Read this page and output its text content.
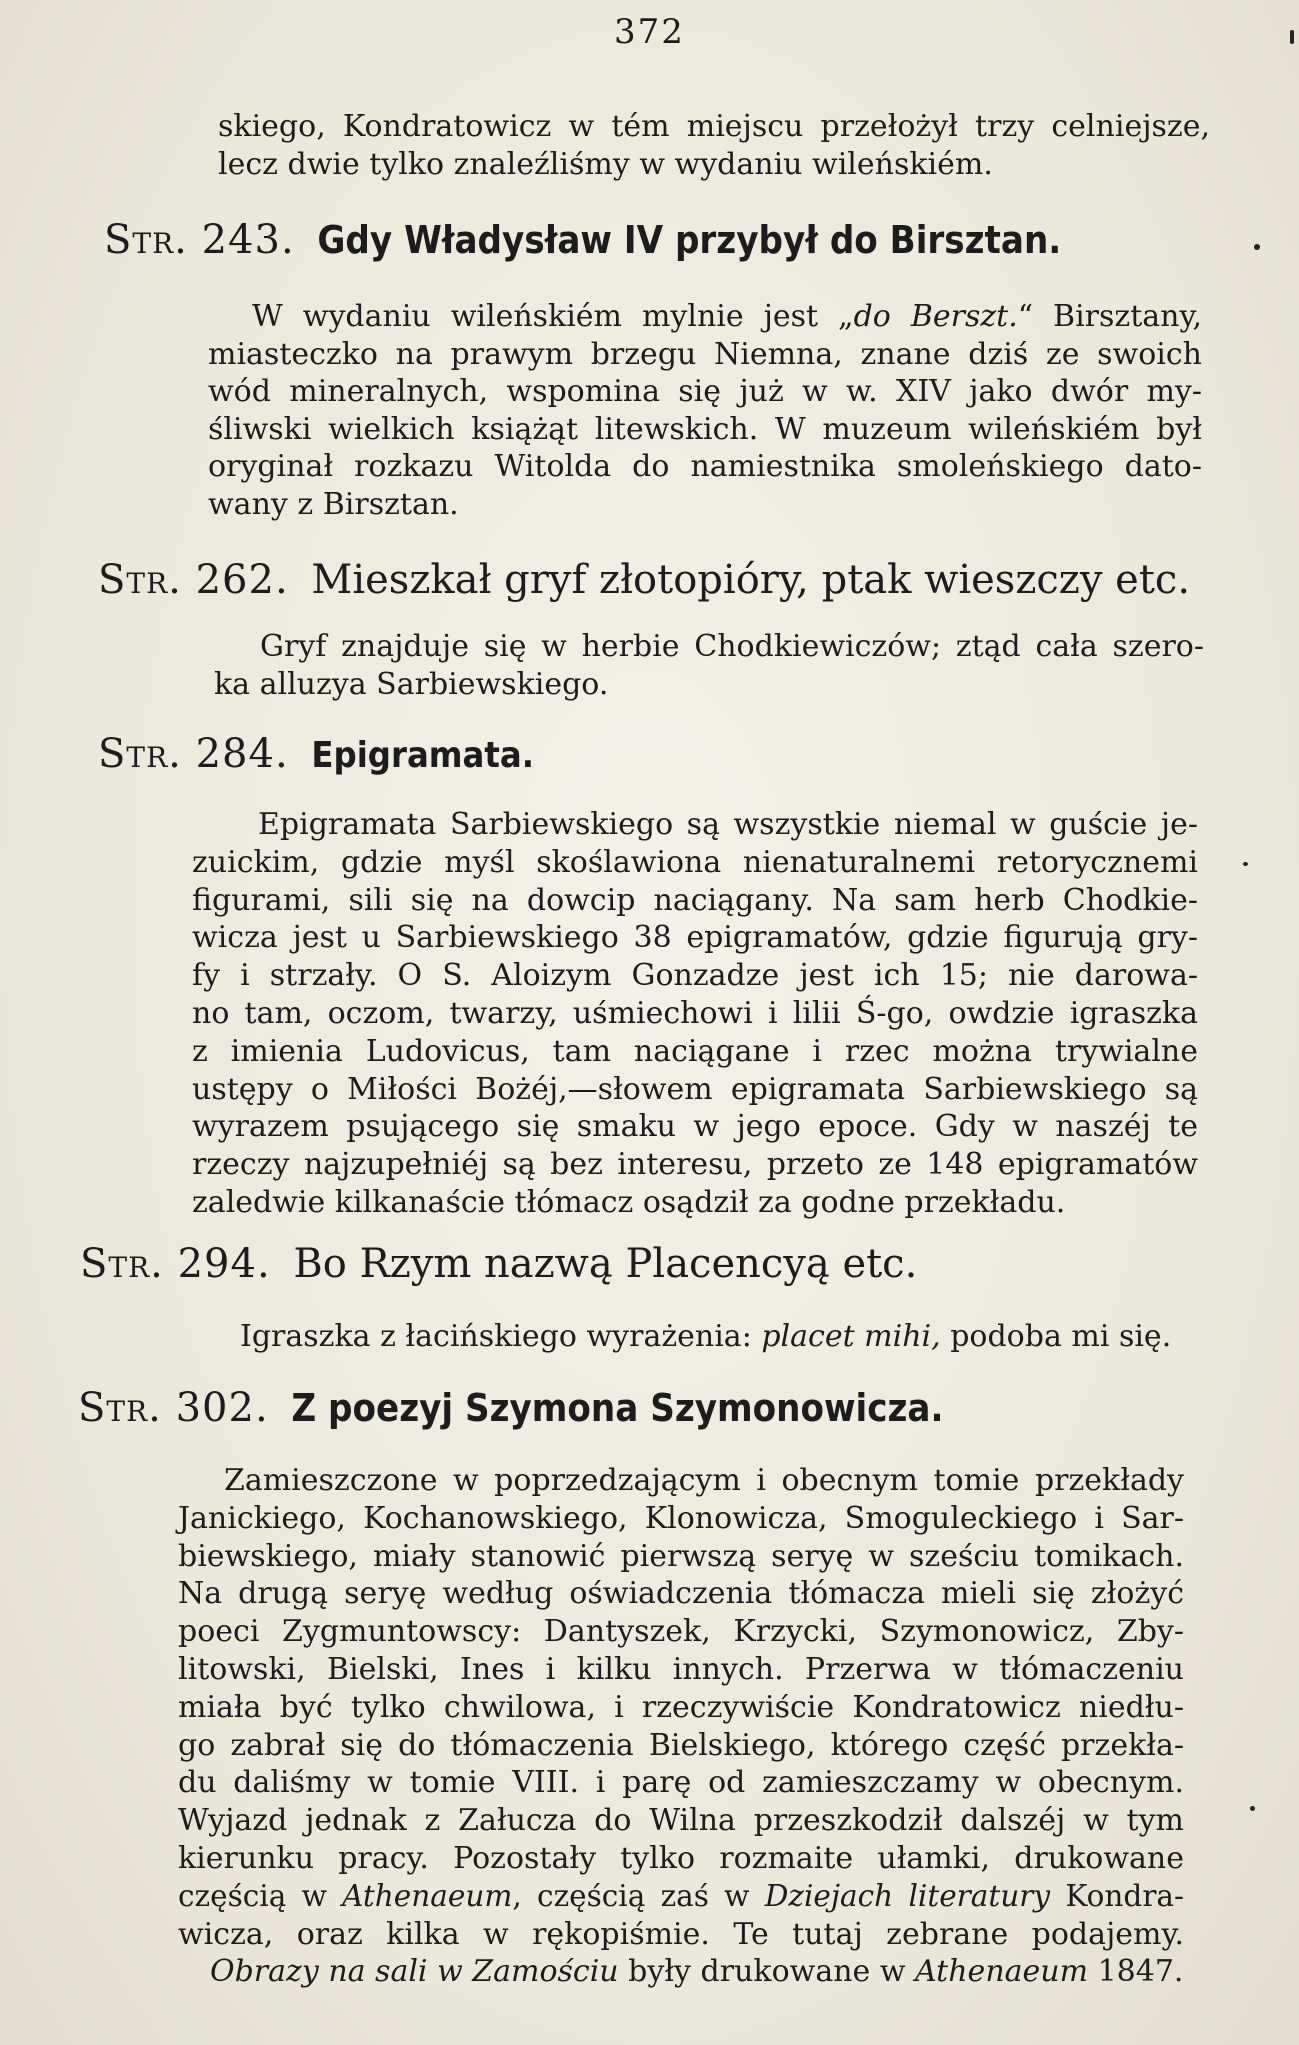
372
skiego, Kondratowicz w tém miejscu przełożył trzy celniejsze,
lecz dwie tylko znaleźliśmy w wydaniu wileńskiém.
Str. 243. Gdy Władysław IV przybył do Birsztan.
W wydaniu wileńskiém mylnie jest „do Berszt.“ Birsztany,
miasteczko na prawym brzegu Niemna, znane dziś ze swoich
wód mineralnych, wspomina się już w w. XIV jako dwór my-
śliwski wielkich książąt litewskich. W muzeum wileńskiém był
oryginał rozkazu Witolda do namiestnika smoleńskiego dato-
wany z Birsztan.
Str. 262. Mieszkał gryf złotopióry, ptak wieszczy etc.
Gryf znajduje się w herbie Chodkiewiczów; ztąd cała szero-
ka alluzya Sarbiewskiego.
Str. 284. Epigramata.
Epigramata Sarbiewskiego są wszystkie niemal w guście je-
zuickim, gdzie myśl skoślawiona nienaturalnemi retorycznemi
figurami, sili się na dowcip naciągany. Na sam herb Chodkie-
wicza jest u Sarbiewskiego 38 epigramatów, gdzie figurują gry-
fy i strzały. O S. Aloizym Gonzadze jest ich 15; nie darowa-
no tam, oczom, twarzy, uśmiechowi i lilii Ś-go, owdzie igraszka
z imienia Ludovicus, tam naciągane i rzec można trywialne
ustępy o Miłości Bożéj,—słowem epigramata Sarbiewskiego są
wyrazem psującego się smaku w jego epoce. Gdy w naszéj te
rzeczy najzupełniéj są bez interesu, przeto ze 148 epigramatów
zaledwie kilkanaście tłómacz osądził za godne przekładu.
Str. 294. Bo Rzym nazwą Placencyą etc.
Igraszka z łacińskiego wyrażenia: placet mihi, podoba mi się.
Str. 302. Z poezyj Szymona Szymonowicza.
Zamieszczone w poprzedzającym i obecnym tomie przekłady
Janickiego, Kochanowskiego, Klonowicza, Smoguleckiego i Sar-
biewskiego, miały stanowić pierwszą seryę w sześciu tomikach.
Na drugą seryę według oświadczenia tłómacza mieli się złożyć
poeci Zygmuntowscy: Dantyszek, Krzycki, Szymonowicz, Zby-
litowski, Bielski, Ines i kilku innych. Przerwa w tłómaczeniu
miała być tylko chwilowa, i rzeczywiście Kondratowicz niedłu-
go zabrał się do tłómaczenia Bielskiego, którego część przekła-
du daliśmy w tomie VIII. i parę od zamieszczamy w obecnym.
Wyjazd jednak z Załucza do Wilna przeszkodził dalszéj w tym
kierunku pracy. Pozostały tylko rozmaite ułamki, drukowane
częścią w Athenaeum, częścią zaś w Dziejach literatury Kondra-
wicza, oraz kilka w rękopiśmie. Te tutaj zebrane podajemy.
Obrazy na sali w Zamościu były drukowane w Athenaeum 1847.
